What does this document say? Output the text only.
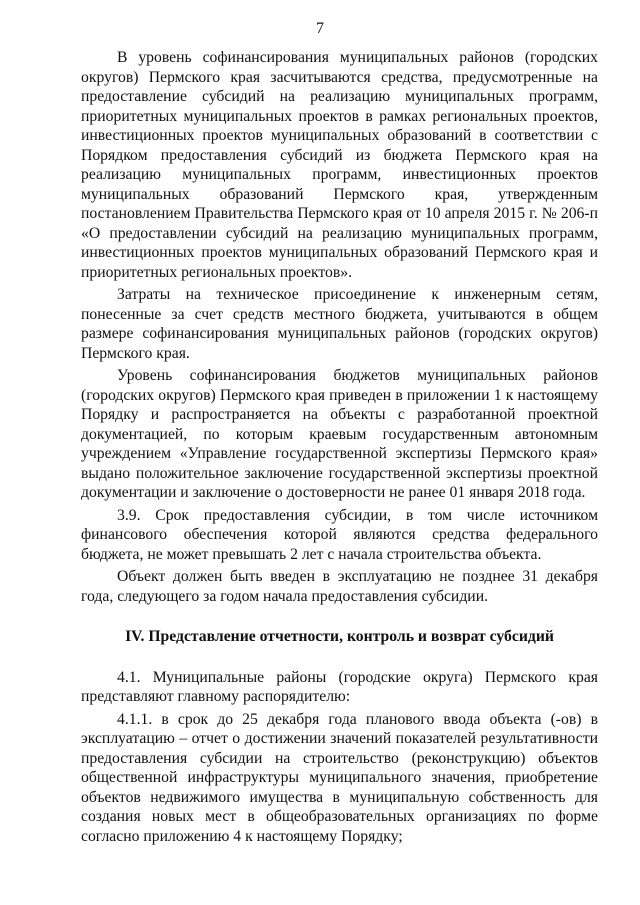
7

В уровень софинансирования муниципальных районов (городских округов) Пермского края засчитываются средства, предусмотренные на предоставление субсидий на реализацию муниципальных программ, приоритетных муниципальных проектов в рамках региональных проектов, инвестиционных проектов муниципальных образований в соответствии с Порядком предоставления субсидий из бюджета Пермского края на реализацию муниципальных программ, инвестиционных проектов муниципальных образований Пермского края, утвержденным постановлением Правительства Пермского края от 10 апреля 2015 г. № 206-п «О предоставлении субсидий на реализацию муниципальных программ, инвестиционных проектов муниципальных образований Пермского края и приоритетных региональных проектов».

Затраты на техническое присоединение к инженерным сетям, понесенные за счет средств местного бюджета, учитываются в общем размере софинансирования муниципальных районов (городских округов) Пермского края.

Уровень софинансирования бюджетов муниципальных районов (городских округов) Пермского края приведен в приложении 1 к настоящему Порядку и распространяется на объекты с разработанной проектной документацией, по которым краевым государственным автономным учреждением «Управление государственной экспертизы Пермского края» выдано положительное заключение государственной экспертизы проектной документации и заключение о достоверности не ранее 01 января 2018 года.

3.9. Срок предоставления субсидии, в том числе источником финансового обеспечения которой являются средства федерального бюджета, не может превышать 2 лет с начала строительства объекта.

Объект должен быть введен в эксплуатацию не позднее 31 декабря года, следующего за годом начала предоставления субсидии.

IV. Представление отчетности, контроль и возврат субсидий

4.1. Муниципальные районы (городские округа) Пермского края представляют главному распорядителю:

4.1.1. в срок до 25 декабря года планового ввода объекта (-ов) в эксплуатацию – отчет о достижении значений показателей результативности предоставления субсидии на строительство (реконструкцию) объектов общественной инфраструктуры муниципального значения, приобретение объектов недвижимого имущества в муниципальную собственность для создания новых мест в общеобразовательных организациях по форме согласно приложению 4 к настоящему Порядку;
